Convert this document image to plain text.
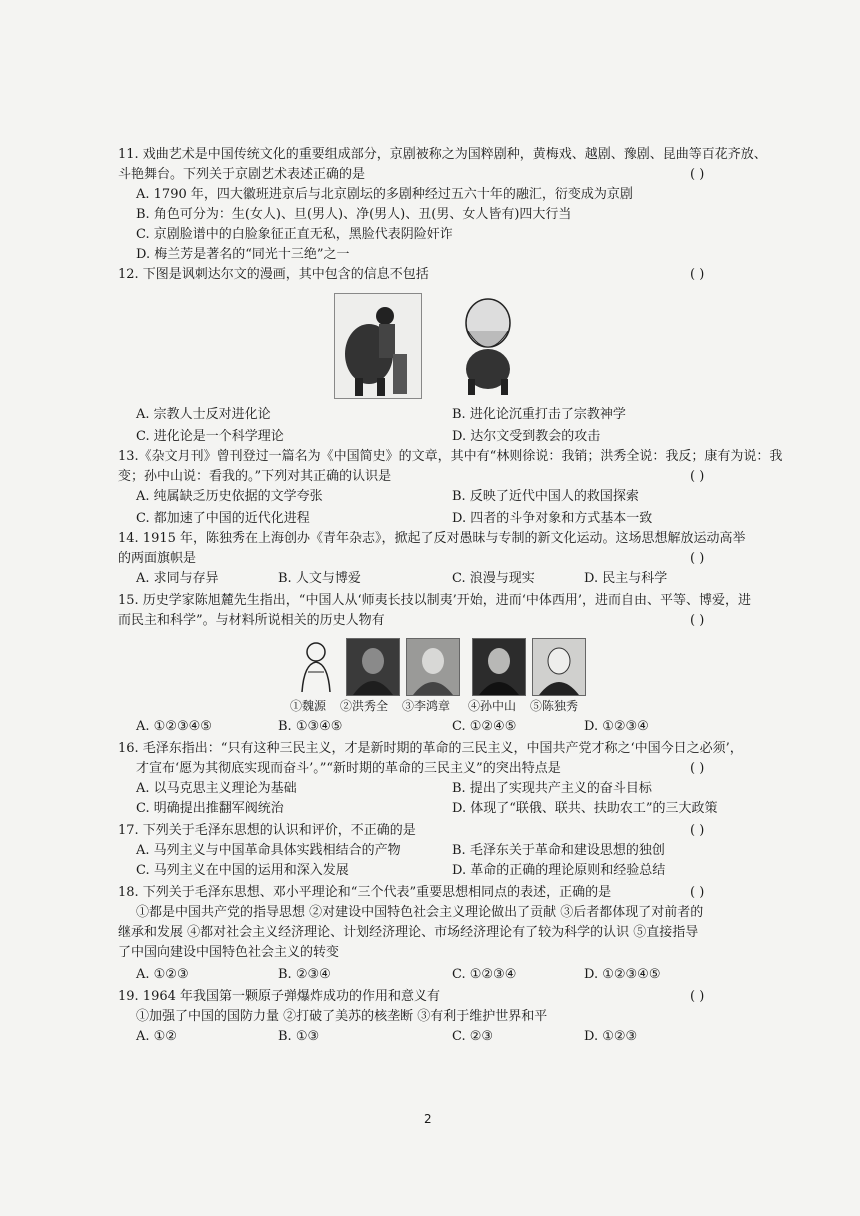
11. 戏曲艺术是中国传统文化的重要组成部分，京剧被称之为国粹剧种，黄梅戏、越剧、豫剧、昆曲等百花齐放、
斗艳舞台。下列关于京剧艺术表述正确的是	( )
A. 1790 年，四大徽班进京后与北京剧坛的多剧种经过五六十年的融汇，衍变成为京剧
B. 角色可分为：生(女人)、旦(男人)、净(男人)、丑(男、女人皆有)四大行当
C. 京剧脸谱中的白脸象征正直无私，黑脸代表阴险奸诈
D. 梅兰芳是著名的“同光十三绝”之一
12. 下图是讽刺达尔文的漫画，其中包含的信息不包括	( )
A. 宗教人士反对进化论	B. 进化论沉重打击了宗教神学
C. 进化论是一个科学理论	D. 达尔文受到教会的攻击
13.《杂文月刊》曾刊登过一篇名为《中国简史》的文章，其中有“林则徐说：我销；洪秀全说：我反；康有为说：我
变；孙中山说：看我的。”下列对其正确的认识是	( )
A. 纯属缺乏历史依据的文学夸张	B. 反映了近代中国人的救国探索
C. 都加速了中国的近代化进程	D. 四者的斗争对象和方式基本一致
14. 1915 年，陈独秀在上海创办《青年杂志》，掀起了反对愚昧与专制的新文化运动。这场思想解放运动高举
的两面旗帜是	( )
A. 求同与存异	B. 人文与博爱	C. 浪漫与现实	D. 民主与科学
15. 历史学家陈旭麓先生指出，“中国人从‘师夷长技以制夷’开始，进而‘中体西用’，进而自由、平等、博爱，进
而民主和科学”。与材料所说相关的历史人物有	( )
①魏源 ②洪秀全 ③李鸿章 ④孙中山 ⑤陈独秀
A. ①②③④⑤	B. ①③④⑤	C. ①②④⑤	D. ①②③④
16. 毛泽东指出：“只有这种三民主义，才是新时期的革命的三民主义，中国共产党才称之‘中国今日之必须’，
才宣布‘愿为其彻底实现而奋斗’。”“新时期的革命的三民主义”的突出特点是	( )
A. 以马克思主义理论为基础	B. 提出了实现共产主义的奋斗目标
C. 明确提出推翻军阀统治	D. 体现了“联俄、联共、扶助农工”的三大政策
17. 下列关于毛泽东思想的认识和评价，不正确的是	( )
A. 马列主义与中国革命具体实践相结合的产物	B. 毛泽东关于革命和建设思想的独创
C. 马列主义在中国的运用和深入发展	D. 革命的正确的理论原则和经验总结
18. 下列关于毛泽东思想、邓小平理论和“三个代表”重要思想相同点的表述，正确的是	( )
①都是中国共产党的指导思想 ②对建设中国特色社会主义理论做出了贡献 ③后者都体现了对前者的
继承和发展 ④都对社会主义经济理论、计划经济理论、市场经济理论有了较为科学的认识 ⑤直接指导
了中国向建设中国特色社会主义的转变
A. ①②③	B. ②③④	C. ①②③④	D. ①②③④⑤
19. 1964 年我国第一颗原子弹爆炸成功的作用和意义有	( )
①加强了中国的国防力量 ②打破了美苏的核垄断 ③有利于维护世界和平
A. ①②	B. ①③	C. ②③	D. ①②③
2
